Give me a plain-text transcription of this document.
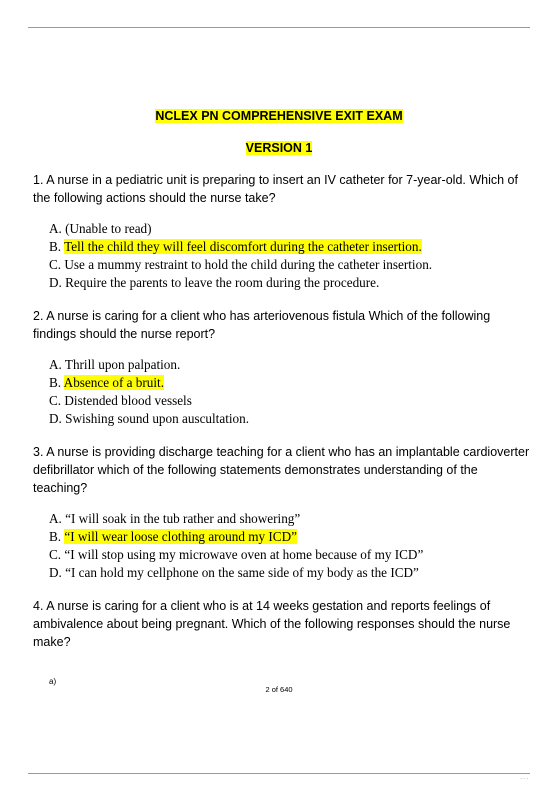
NCLEX PN COMPREHENSIVE EXIT EXAM
VERSION 1

1. A nurse in a pediatric unit is preparing to insert an IV catheter for 7-year-old. Which of the following actions should the nurse take?

A. (Unable to read)
B. Tell the child they will feel discomfort during the catheter insertion.
C. Use a mummy restraint to hold the child during the catheter insertion.
D. Require the parents to leave the room during the procedure.

2. A nurse is caring for a client who has arteriovenous fistula Which of the following findings should the nurse report?

A. Thrill upon palpation.
B. Absence of a bruit.
C. Distended blood vessels
D. Swishing sound upon auscultation.

3. A nurse is providing discharge teaching for a client who has an implantable cardioverter defibrillator which of the following statements demonstrates understanding of the teaching?

A. “I will soak in the tub rather and showering”
B. “I will wear loose clothing around my ICD”
C. “I will stop using my microwave oven at home because of my ICD”
D. “I can hold my cellphone on the same side of my body as the ICD”

4. A nurse is caring for a client who is at 14 weeks gestation and reports feelings of ambivalence about being pregnant. Which of the following responses should the nurse make?

a)
2 of 640
· · ·
